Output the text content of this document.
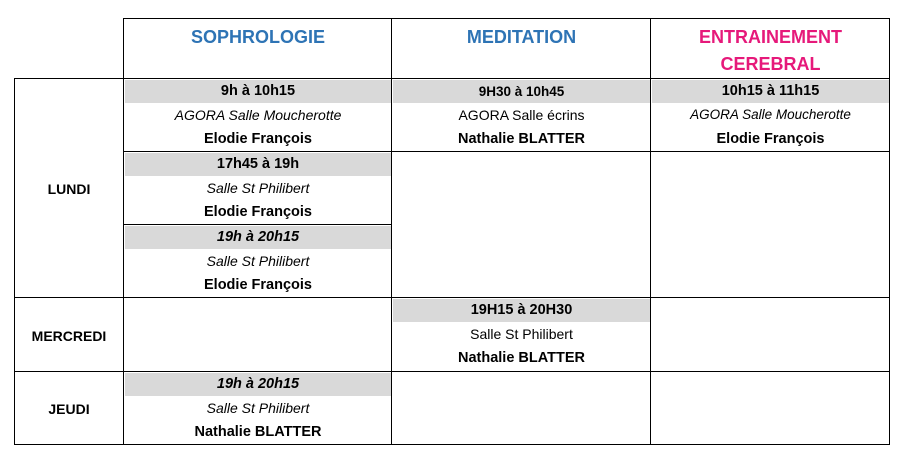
SOPHROLOGIE	MEDITATION	ENTRAINEMENT
CEREBRAL
LUNDI
MERCREDI
JEUDI
9h à 10h15
AGORA Salle Moucherotte
Elodie François
17h45 à 19h
Salle St Philibert
Elodie François
19h à 20h15
Salle St Philibert
Elodie François
9H30 à 10h45
AGORA Salle écrins
Nathalie BLATTER
10h15 à 11h15
AGORA Salle Moucherotte
Elodie François
19H15 à 20H30
Salle St Philibert
Nathalie BLATTER
19h à 20h15
Salle St Philibert
Nathalie BLATTER
